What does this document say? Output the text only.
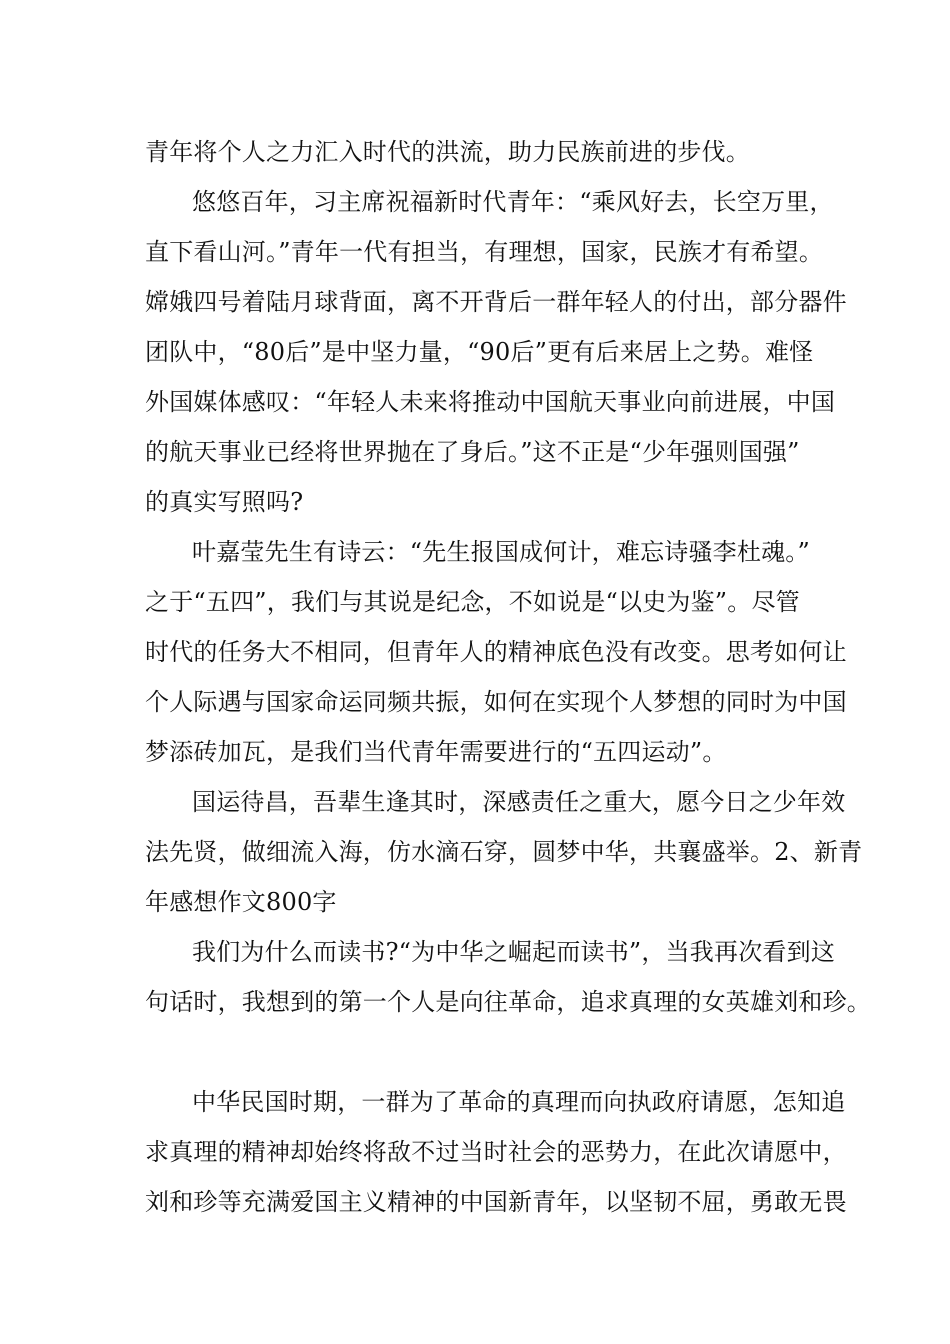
青年将个人之力汇入时代的洪流，助力民族前进的步伐。
悠悠百年，习主席祝福新时代青年：“乘风好去，长空万里，
直下看山河。”青年一代有担当，有理想，国家，民族才有希望。
嫦娥四号着陆月球背面，离不开背后一群年轻人的付出，部分器件
团队中，“80后”是中坚力量，“90后”更有后来居上之势。难怪
外国媒体感叹：“年轻人未来将推动中国航天事业向前进展，中国
的航天事业已经将世界抛在了身后。”这不正是“少年强则国强”
的真实写照吗?
叶嘉莹先生有诗云：“先生报国成何计，难忘诗骚李杜魂。”
之于“五四”，我们与其说是纪念，不如说是“以史为鉴”。尽管
时代的任务大不相同，但青年人的精神底色没有改变。思考如何让
个人际遇与国家命运同频共振，如何在实现个人梦想的同时为中国
梦添砖加瓦，是我们当代青年需要进行的“五四运动”。
国运待昌，吾辈生逢其时，深感责任之重大，愿今日之少年效
法先贤，做细流入海，仿水滴石穿，圆梦中华，共襄盛举。2、新青
年感想作文800字
我们为什么而读书?“为中华之崛起而读书”，当我再次看到这
句话时，我想到的第一个人是向往革命，追求真理的女英雄刘和珍。
中华民国时期，一群为了革命的真理而向执政府请愿，怎知追
求真理的精神却始终将敌不过当时社会的恶势力，在此次请愿中，
刘和珍等充满爱国主义精神的中国新青年，以坚韧不屈，勇敢无畏
